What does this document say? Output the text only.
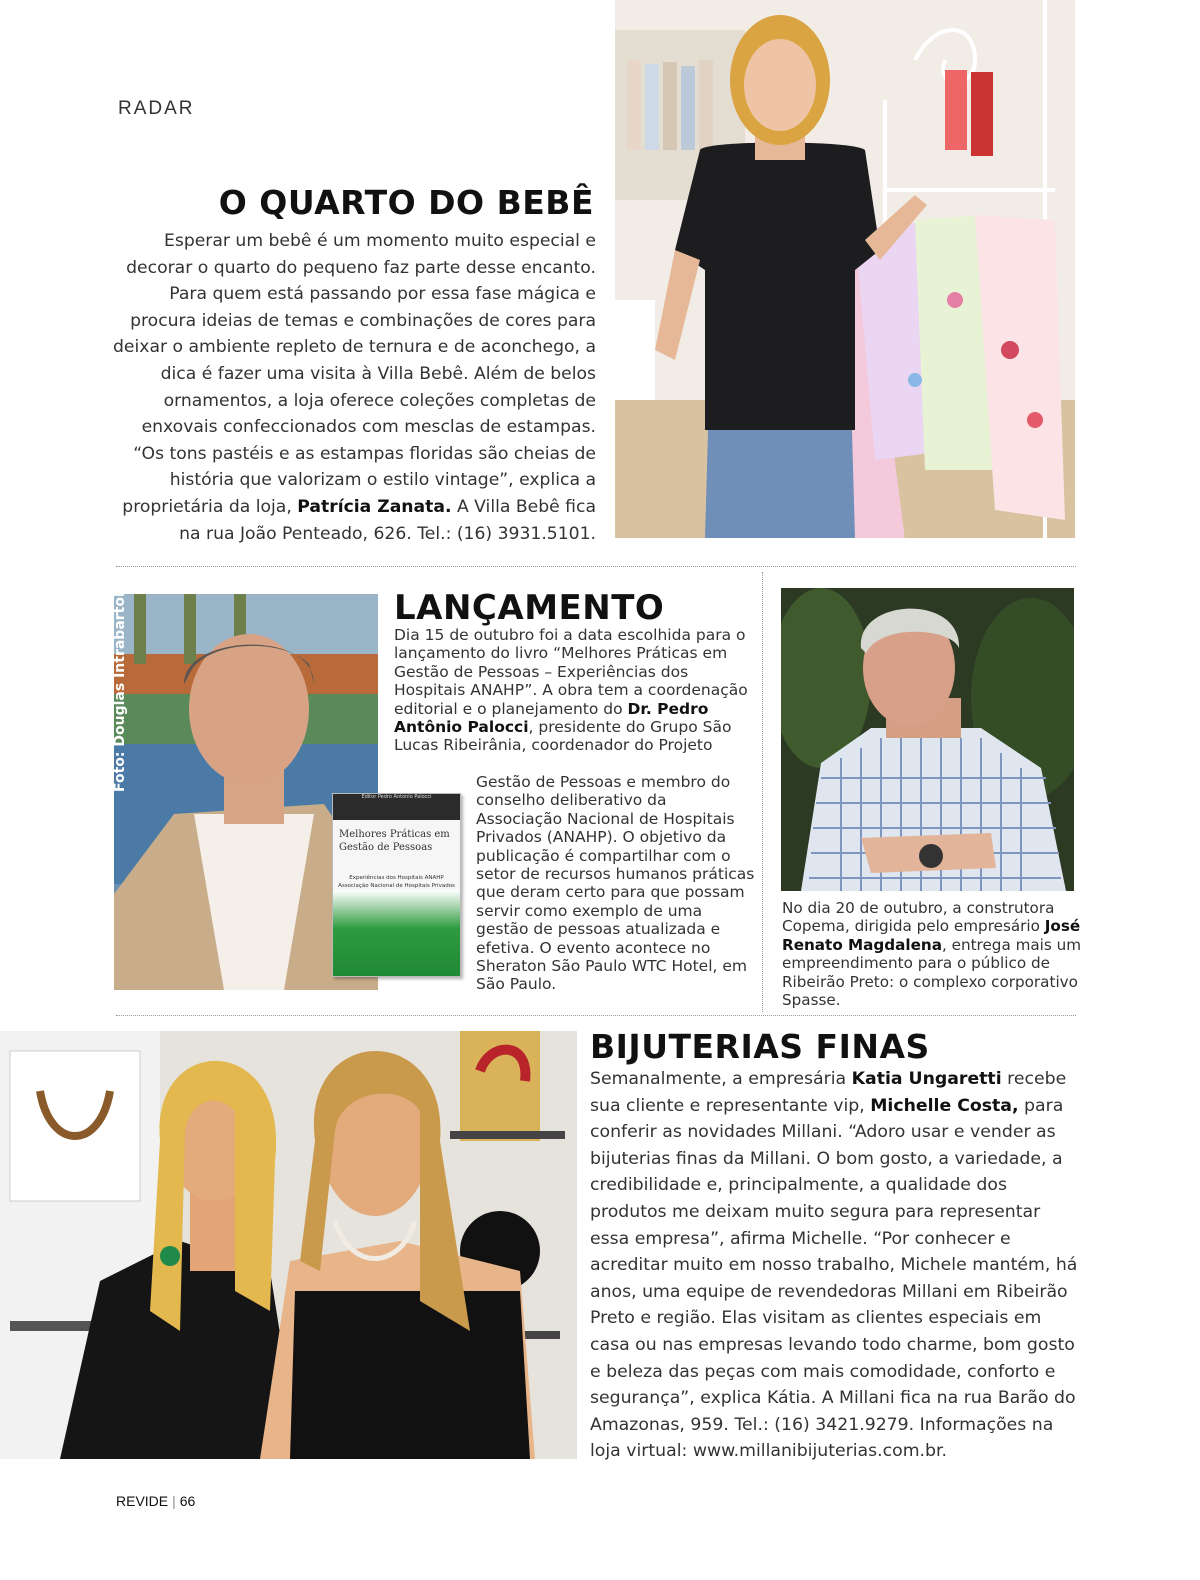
RADAR
O QUARTO DO BEBÊ
Esperar um bebê é um momento muito especial e decorar o quarto do pequeno faz parte desse encanto. Para quem está passando por essa fase mágica e procura ideias de temas e combinações de cores para deixar o ambiente repleto de ternura e de aconchego, a dica é fazer uma visita à Villa Bebê. Além de belos ornamentos, a loja oferece coleções completas de enxovais confeccionados com mesclas de estampas. “Os tons pastéis e as estampas floridas são cheias de história que valorizam o estilo vintage”, explica a proprietária da loja, Patrícia Zanata. A Villa Bebê fica na rua João Penteado, 626. Tel.: (16) 3931.5101.
Foto: Douglas Intrabartolo
Editor Pedro Antonio Palocci
Melhores Práticas em Gestão de Pessoas
Experiências dos Hospitais ANAHP Associação Nacional de Hospitais Privados
LANÇAMENTO
Dia 15 de outubro foi a data escolhida para o lançamento do livro “Melhores Práticas em Gestão de Pessoas – Experiências dos Hospitais ANAHP”. A obra tem a coordenação editorial e o planejamento do Dr. Pedro Antônio Palocci, presidente do Grupo São Lucas Ribeirânia, coordenador do Projeto
Gestão de Pessoas e membro do conselho deliberativo da Associação Nacional de Hospitais Privados (ANAHP). O objetivo da publicação é compartilhar com o setor de recursos humanos práticas que deram certo para que possam servir como exemplo de uma gestão de pessoas atualizada e efetiva. O evento acontece no Sheraton São Paulo WTC Hotel, em São Paulo.
No dia 20 de outubro, a construtora Copema, dirigida pelo empresário José Renato Magdalena, entrega mais um empreendimento para o público de Ribeirão Preto: o complexo corporativo Spasse.
BIJUTERIAS FINAS
Semanalmente, a empresária Katia Ungaretti recebe sua cliente e representante vip, Michelle Costa, para conferir as novidades Millani. “Adoro usar e vender as bijuterias finas da Millani. O bom gosto, a variedade, a credibilidade e, principalmente, a qualidade dos produtos me deixam muito segura para representar essa empresa”, afirma Michelle. “Por conhecer e acreditar muito em nosso trabalho, Michele mantém, há anos, uma equipe de revendedoras Millani em Ribeirão Preto e região. Elas visitam as clientes especiais em casa ou nas empresas levando todo charme, bom gosto e beleza das peças com mais comodidade, conforto e segurança”, explica Kátia. A Millani fica na rua Barão do Amazonas, 959. Tel.: (16) 3421.9279. Informações na loja virtual: www.millanibijuterias.com.br.
REVIDE | 66
